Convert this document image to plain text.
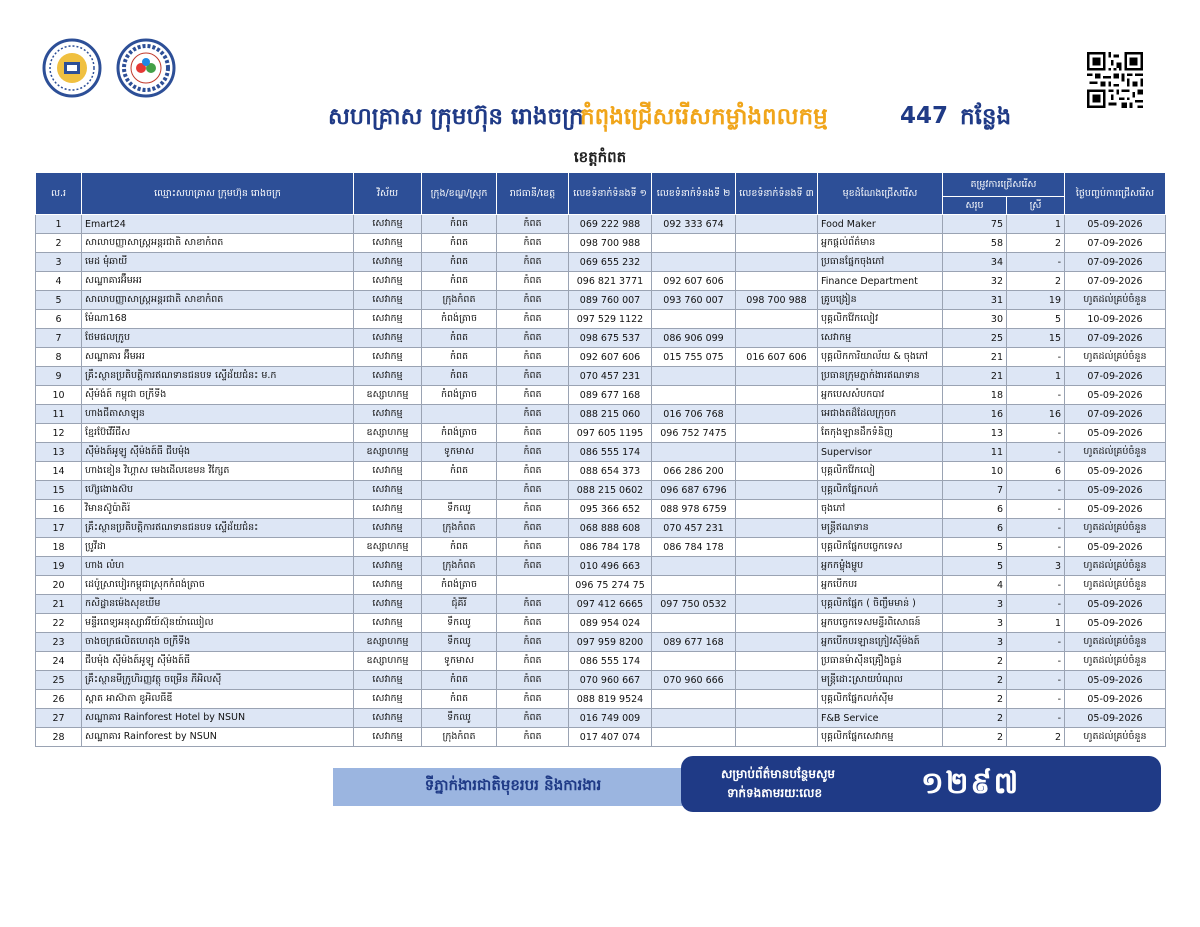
សហគ្រាស ក្រុមហ៊ុន រោងចក្រ
កំពុងជ្រើសរើសកម្លាំងពលកម្ម	447 កន្លែង
ខេត្តកំពត
ល.រ	ឈ្មោះសហគ្រាស ក្រុមហ៊ុន រោងចក្រ	វិស័យ	ក្រុង/ខណ្ឌ/ស្រុក	រាជធានី/ខេត្ត	លេខទំនាក់ទំនងទី ១	លេខទំនាក់ទំនងទី ២	លេខទំនាក់ទំនងទី ៣	មុខដំណែងជ្រើសរើស	តម្រូវការជ្រើសរើស		ថ្ងៃបញ្ចប់ការជ្រើសរើស
									សរុប	ស្រី	
1	Emart24	សេវាកម្ម	កំពត	កំពត	069 222 988	092 333 674		Food Maker	75	1	05-09-2026
2	សាលាបញ្ញាសាស្ត្រអន្តរជាតិ សាខាកំពត	សេវាកម្ម	កំពត	កំពត	098 700 988			អ្នកផ្តល់ព័ត៌មាន	58	2	07-09-2026
3	មេដ មុំឆាយី	សេវាកម្ម	កំពត	កំពត	069 655 232			ប្រធានផ្នែកចុងភៅ	34	-	07-09-2026
4	សណ្ឋាគារអ៊ឹមអរ	សេវាកម្ម	កំពត	កំពត	096 821 3771	092 607 606		Finance Department	32	2	07-09-2026
5	សាលាបញ្ញាសាស្ត្រអន្តរជាតិ សាខាកំពត	សេវាកម្ម	ក្រុងកំពត	កំពត	089 760 007	093 760 007	098 700 988	គ្រូបង្រៀន	31	19	ហូតដល់គ្រប់ចំនួន
6	ម៉ែណា168	សេវាកម្ម	កំពង់ត្រាច	កំពត	097 529 1122			បុគ្គលិកវ៉ែកលៀវ	30	5	10-09-2026
7	ថែមផលក្រូប	សេវាកម្ម	កំពត	កំពត	098 675 537	086 906 099		សេវាកម្ម	25	15	07-09-2026
8	សណ្ឋាគារ អ៊ឹមអរ	សេវាកម្ម	កំពត	កំពត	092 607 606	015 755 075	016 607 606	បុគ្គលិកការិយាល័យ & ចុងភៅ	21	-	ហូតដល់គ្រប់ចំនួន
9	គ្រឹះស្ថានប្រតិបត្តិការឥណទានជនបទ ស្ទើដ័យជំនះ ម.ក	សេវាកម្ម	កំពត	កំពត	070 457 231			ប្រធានក្រុមភ្នាក់ងារឥណទាន	21	1	07-09-2026
10	ស៊ីម៉ង់ត៍ កម្ពុជា ចក្រីទីង	ឧស្សាហកម្ម	កំពង់ត្រាច	កំពត	089 677 168			អ្នកបេសសំបកបាវ	18	-	05-09-2026
11	ហាងជីតាសាឡុន	សេវាកម្ម		កំពត	088 215 060	016 706 768		អេជាងតដ៏ដែលក្រុចក	16	16	07-09-2026
12	ខ្មែរប៊ែវើរីជីស	ឧស្សាហកម្ម	កំពង់ត្រាច	កំពត	097 605 1195	096 752 7475		តែកុងឡានដឹកទំនិញ	13	-	05-09-2026
13	ស៊ីម៉ងត៍អូឡូ ស៊ីម៉ងត៍ធី ជីបម៉ុង	ឧស្សាហកម្ម	ទូកមាស	កំពត	086 555 174			Supervisor	11	-	ហូតដល់គ្រប់ចំនួន
14	ហាងខៀន វិហ្គាស មេងដើលខេមន វិក្សែត	សេវាកម្ម	កំពត	កំពត	088 654 373	066 286 200		បុគ្គលិកវ៉ែកលៀ	10	6	05-09-2026
15	ហ៊្សេងោងស៊ប	សេវាកម្ម		កំពត	088 215 0602	096 687 6796		បុគ្គលិកផ្នែកលក់	7	-	05-09-2026
16	វិមានស៊ូប៉ាតិរ៉	សេវាកម្ម	ទឹកឈូ	កំពត	095 366 652	088 978 6759		ចុងភៅ	6	-	05-09-2026
17	គ្រឹះស្ថានប្រតិបត្តិការឥណទានជនបទ ស្ទើដ័យជំនះ	សេវាកម្ម	ក្រុងកំពត	កំពត	068 888 608	070 457 231		មន្ត្រីឥណទាន	6	-	ហូតដល់គ្រប់ចំនួន
18	ប្រូវីដា	ឧស្សាហកម្ម	កំពត	កំពត	086 784 178	086 784 178		បុគ្គលិកផ្នែកបច្ចេកទេស	5	-	05-09-2026
19	ហាង លំហ	សេវាកម្ម	ក្រុងកំពត	កំពត	010 496 663			អ្នកកម្លុំងម្ហូប	5	3	ហូតដល់គ្រប់ចំនួន
20	ដេប៉ូស្រាបៀរកម្ពុជាស្រុកកំពង់ត្រាច	សេវាកម្ម	កំពង់ត្រាច		096 75 274 75			អ្នកបើកបរ	4	-	ហូតដល់គ្រប់ចំនួន
21	កសិដ្ឋានម៉េងសុខឃីម	សេវាកម្ម	ជុំគីរី	កំពត	097 412 6665	097 750 0532		បុគ្គលិកផ្នែក ( ចិញ្ចឹមមាន់ )	3	-	05-09-2026
22	មន្ទីរពេទ្យអនុស្សាវរីយ៍ស៊ុនយ៉ាឈៀល	សេវាកម្ម	ទឹកឈូ	កំពត	089 954 024			អ្នកបច្ចេកទេសមន្ទីរពិសោធន៍	3	1	05-09-2026
23	ចាងចក្រផលិតហេតុង ចក្រីទីង	ឧស្សាហកម្ម	ទឹកឈូ	កំពត	097 959 8200	089 677 168		អ្នកបើកបរឡានក្រៀវសុីម៉ងត៍	3	-	ហូតដល់គ្រប់ចំនួន
24	ជីបម៉ុង ស៊ីម៉ងត៍អូឡូ ស៊ីម៉ងត៍ធី	ឧស្សាហកម្ម	ទូកមាស	កំពត	086 555 174			ប្រធានម៉ាស៊ីនគ្រឿងធ្ងន់	2	-	ហូតដល់គ្រប់ចំនួន
25	គ្រឹះស្ថានមីក្រូហិរញ្ញវត្ថុ ចម្រើន ភីអិលស៊ី	សេវាកម្ម	កំពត	កំពត	070 960 667	070 960 666		មន្ត្រីដោះស្រាយបំណុល	2	-	05-09-2026
26	ស្ពាត អាស៊ាតា ខូអិលធីឌី	សេវាកម្ម	កំពត	កំពត	088 819 9524			បុគ្គលិកផ្នែកលក់ស៊ីម	2	-	05-09-2026
27	សណ្ឋាគារ Rainforest Hotel by NSUN	សេវាកម្ម	ទឹកឈូ	កំពត	016 749 009			F&B Service	2	-	05-09-2026
28	សណ្ឋាគារ Rainforest by NSUN	សេវាកម្ម	ក្រុងកំពត	កំពត	017 407 074			បុគ្គលិកផ្នែកសេវាកម្ម	2	2	ហូតដល់គ្រប់ចំនួន
ទីភ្នាក់ងារជាតិមុខរបរ និងការងារ
សម្រាប់ព័ត៌មានបន្ថែមសូម
ទាក់ទងតាមរយៈលេខ	១២៩៧
